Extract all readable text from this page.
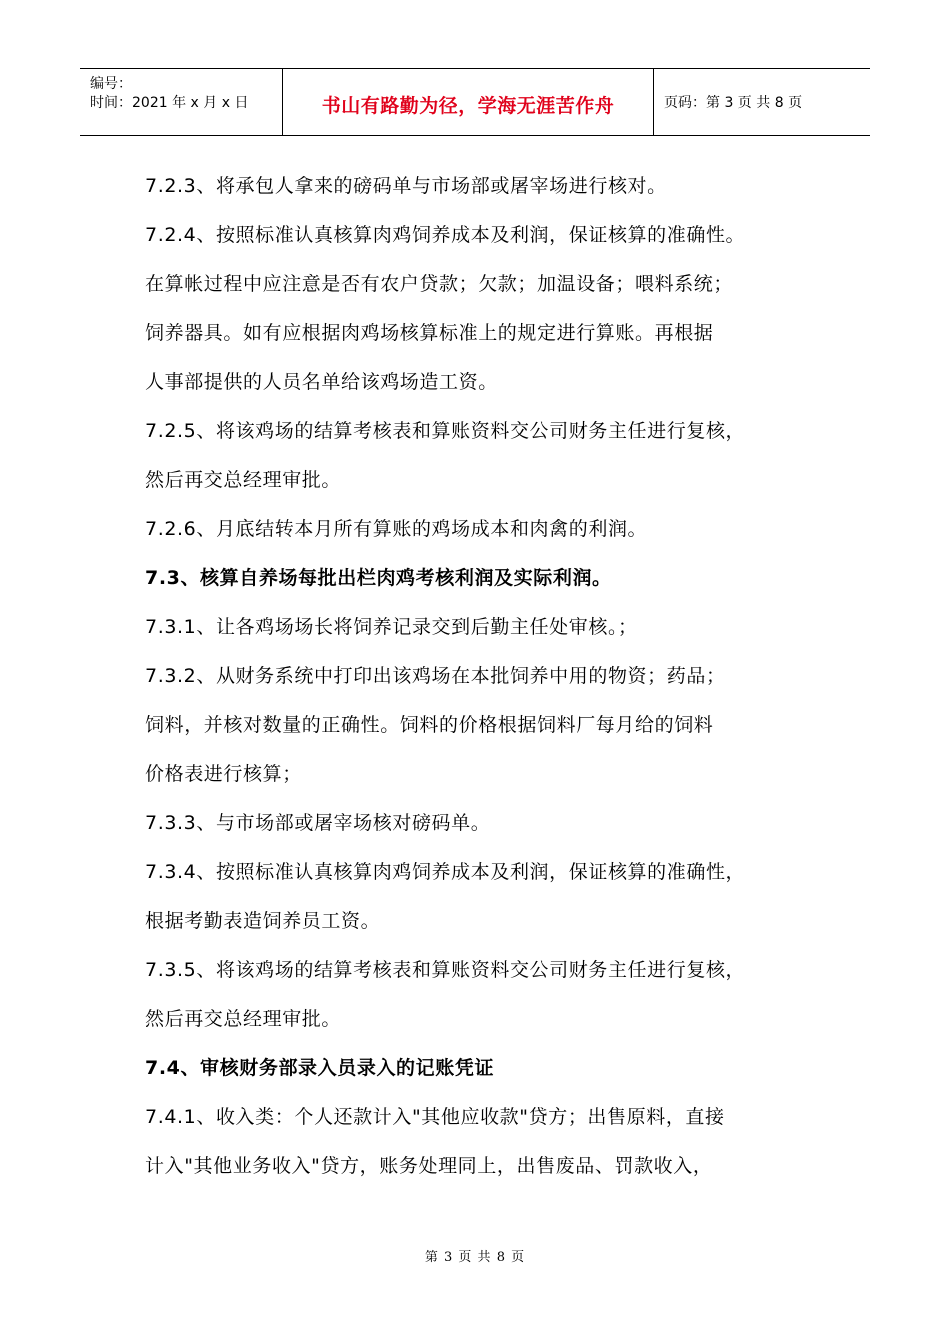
编号：
时间：2021 年 x 月 x 日	书山有路勤为径，学海无涯苦作舟	页码：第 3 页 共 8 页
7.2.3、将承包人拿来的磅码单与市场部或屠宰场进行核对。
7.2.4、按照标准认真核算肉鸡饲养成本及利润，保证核算的准确性。
在算帐过程中应注意是否有农户贷款；欠款；加温设备；喂料系统；
饲养器具。如有应根据肉鸡场核算标准上的规定进行算账。再根据
人事部提供的人员名单给该鸡场造工资。
7.2.5、将该鸡场的结算考核表和算账资料交公司财务主任进行复核，
然后再交总经理审批。
7.2.6、月底结转本月所有算账的鸡场成本和肉禽的利润。
7.3、核算自养场每批出栏肉鸡考核利润及实际利润。
7.3.1、让各鸡场场长将饲养记录交到后勤主任处审核。；
7.3.2、从财务系统中打印出该鸡场在本批饲养中用的物资；药品；
饲料，并核对数量的正确性。饲料的价格根据饲料厂每月给的饲料
价格表进行核算；
7.3.3、与市场部或屠宰场核对磅码单。
7.3.4、按照标准认真核算肉鸡饲养成本及利润，保证核算的准确性，
根据考勤表造饲养员工资。
7.3.5、将该鸡场的结算考核表和算账资料交公司财务主任进行复核，
然后再交总经理审批。
7.4、审核财务部录入员录入的记账凭证
7.4.1、收入类：个人还款计入"其他应收款"贷方；出售原料，直接
计入"其他业务收入"贷方，账务处理同上，出售废品、罚款收入，
第 3 页 共 8 页
